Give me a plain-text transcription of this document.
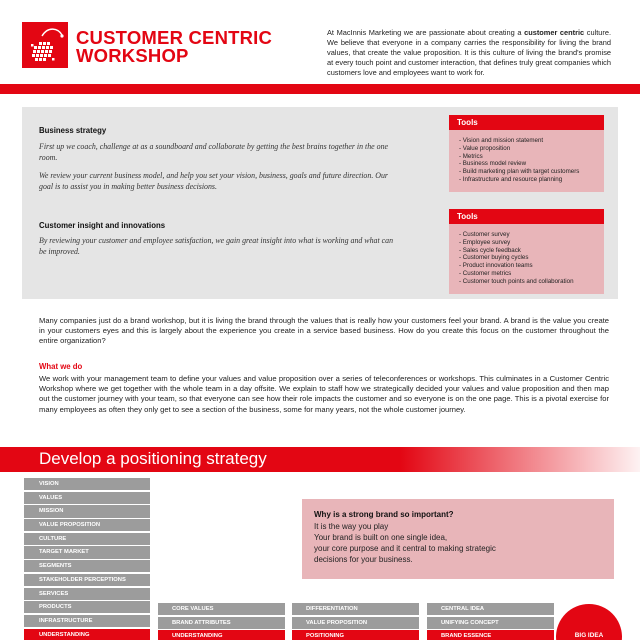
CUSTOMER CENTRIC
WORKSHOP
At MacInnis Marketing we are passionate about creating a customer centric culture. We believe that everyone in a company carries the responsibility for living the brand values, that create the value proposition. It is this culture of living the brand's promise at every touch point and customer interaction, that defines truly great companies which customers love and employees want to work for.
Business strategy
First up we coach, challenge at as a soundboard and collaborate by getting the best brains together in the one room.
We review your current business model, and help you set your vision, business, goals and future direction. Our goal is to assist you in making better business decisions.
Customer insight and innovations
By reviewing your customer and employee satisfaction, we gain great insight into what is working and what can be improved.
Tools
- Vision and mission statement
- Value proposition
- Metrics
- Business model review
- Build marketing plan with target customers
- Infrastructure and resource planning
Tools
- Customer survey
- Employee survey
- Sales cycle feedback
- Customer buying cycles
- Product innovation teams
- Customer metrics
- Customer touch points and collaboration
Many companies just do a brand workshop, but it is living the brand through the values that is really how your customers feel your brand. A brand is the value you create in your customers eyes and this is largely about the experience you create in a service based business. How do you create this focus on the customer throughout the entire organization?
What we do
We work with your management team to define your values and value proposition over a series of teleconferences or workshops. This culminates in a Customer Centric Workshop where we get together with the whole team in a day offsite. We explain to staff how we strategically decided your values and value proposition and then map out the customer journey with your team, so that everyone can see how their role impacts the customer and so everyone is on the one page. This is a pivotal exercise for many employees as often they only get to see a section of the business, some for many years, not the whole customer journey.
Develop a positioning strategy
VISION
VALUES
MISSION
VALUE PROPOSITION
CULTURE
TARGET MARKET
SEGMENTS
STAKEHOLDER PERCEPTIONS
SERVICES
PRODUCTS
INFRASTRUCTURE
UNDERSTANDING
Why is a strong brand so important?
It is the way you play
Your brand is built on one single idea,
your core purpose and it central to making strategic
decisions for your business.
CORE VALUES
BRAND ATTRIBUTES
UNDERSTANDING
DIFFERENTIATION
VALUE PROPOSITION
POSITIONING
CENTRAL IDEA
UNIFYING CONCEPT
BRAND ESSENCE	BIG IDEA
